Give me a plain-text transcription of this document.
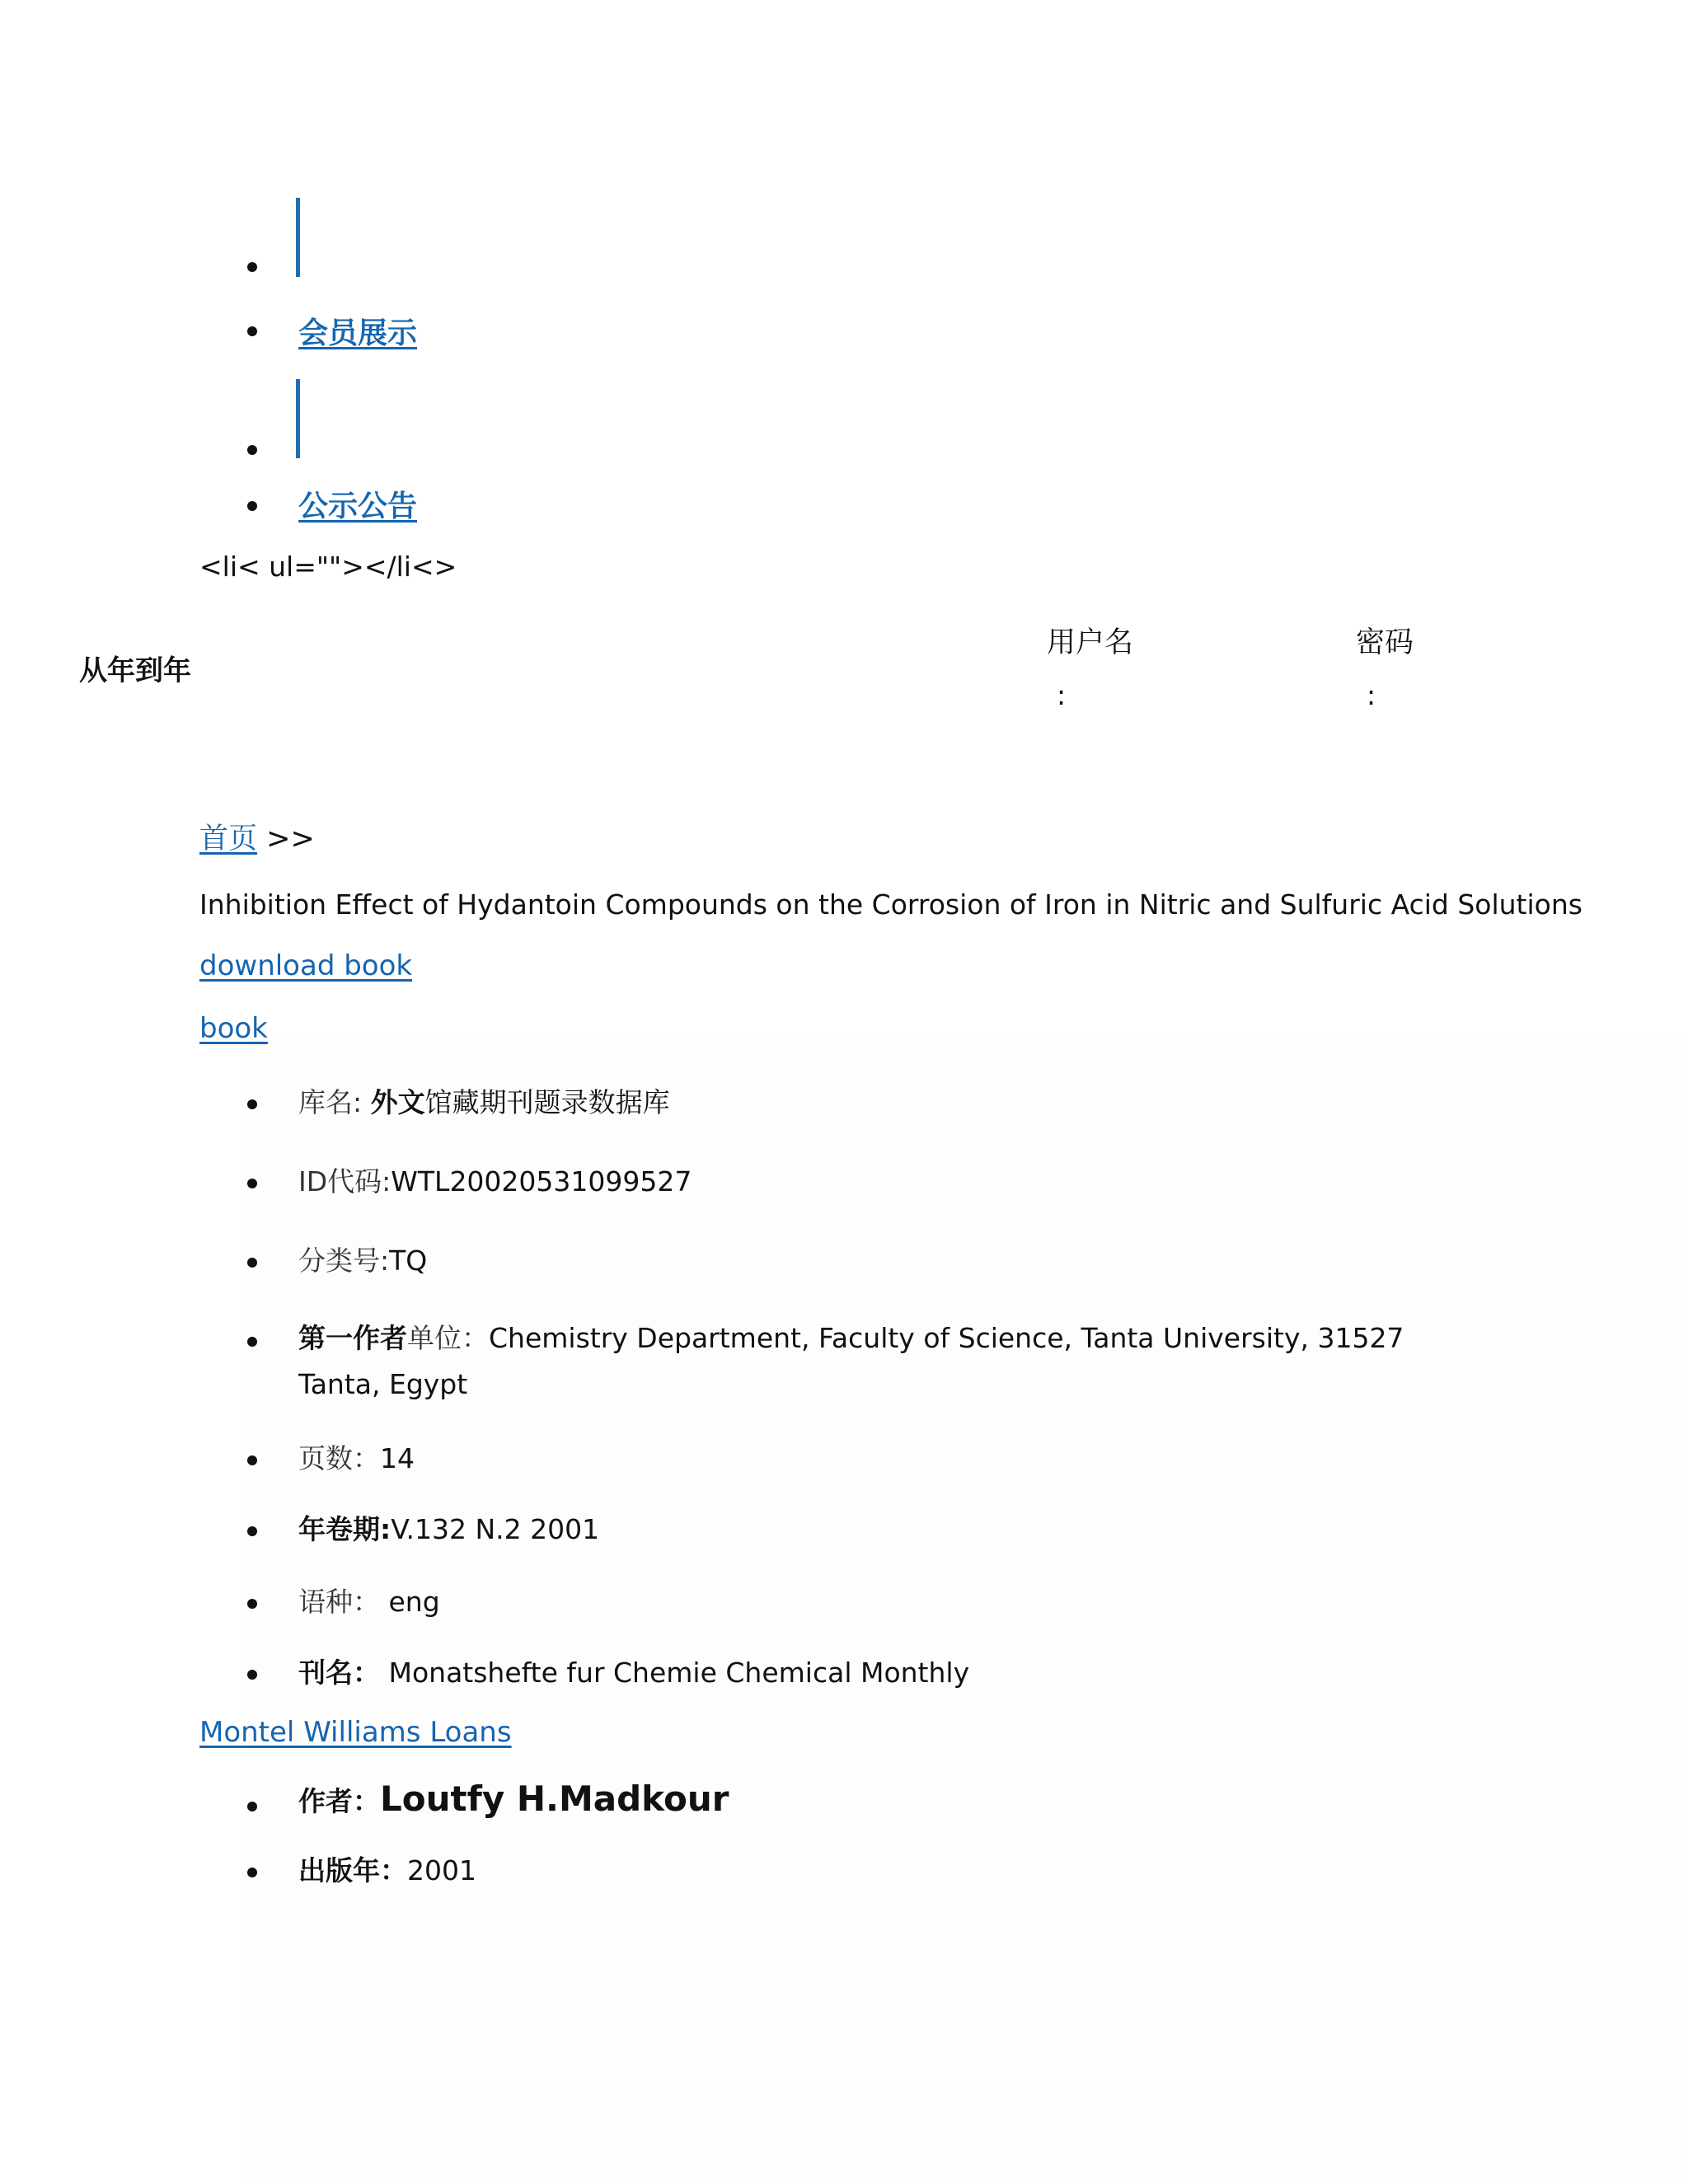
会员展示
公示公告
<li< ul=""></li<>
从年到年
用户名
:
密码
:
首页 >>
Inhibition Effect of Hydantoin Compounds on the Corrosion of Iron in Nitric and Sulfuric Acid Solutions
download book
book
库名: 外文馆藏期刊题录数据库
ID代码:WTL20020531099527
分类号:TQ
第一作者单位：Chemistry Department, Faculty of Science, Tanta University, 31527 Tanta, Egypt
页数：14
年卷期:V.132 N.2 2001
语种： eng
刊名： Monatshefte fur Chemie Chemical Monthly
Montel Williams Loans
作者：Loutfy H.Madkour
出版年：2001
